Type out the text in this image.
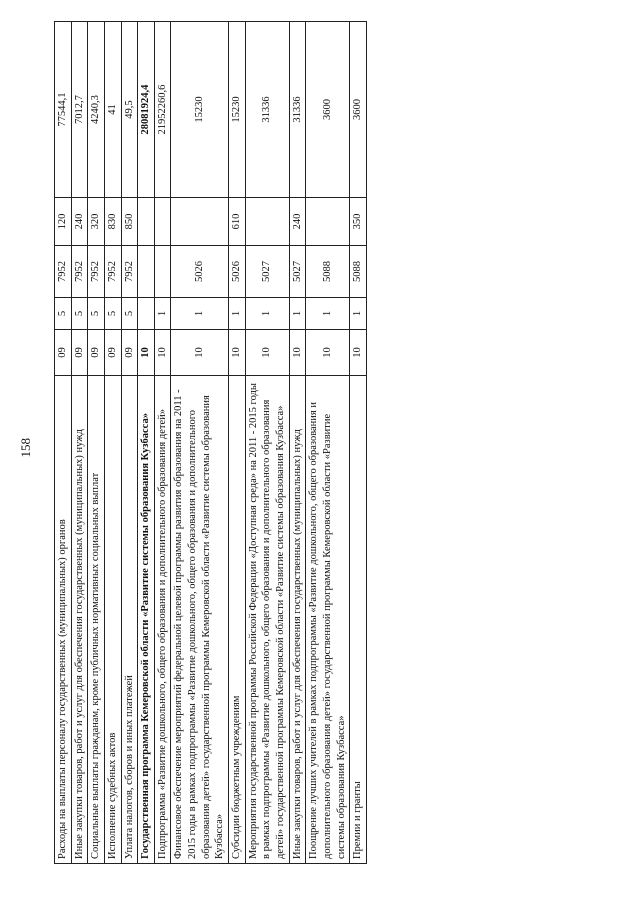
158
Расходы на выплаты персоналу государственных (муниципальных) органов	09	5	7952	120	77544,1
Иные закупки товаров, работ и услуг для обеспечения государственных (муниципальных) нужд	09	5	7952	240	7012,7
Социальные выплаты гражданам, кроме публичных нормативных социальных выплат	09	5	7952	320	4240,3
Исполнение судебных актов	09	5	7952	830	41
Уплата налогов, сборов и иных платежей	09	5	7952	850	49,5
Государственная программа Кемеровской области «Развитие системы образования Кузбасса»	10				28081924,4
Подпрограмма «Развитие дошкольного, общего образования и дополнительного образования детей»	10	1			21952260,6
Финансовое обеспечение мероприятий федеральной целевой программы развития образования на 2011 - 2015 годы в рамках подпрограммы «Развитие дошкольного, общего образования и дополнительного образования детей» государственной программы Кемеровской области «Развитие системы образования Кузбасса»	10	1	5026		15230
Субсидии бюджетным учреждениям	10	1	5026	610	15230
Мероприятия государственной программы Российской Федерации «Доступная среда» на 2011 - 2015 годы в рамках подпрограммы «Развитие дошкольного, общего образования и дополнительного образования детей» государственной программы Кемеровской области «Развитие системы образования Кузбасса»	10	1	5027		31336
Иные закупки товаров, работ и услуг для обеспечения государственных (муниципальных) нужд	10	1	5027	240	31336
Поощрение лучших учителей в рамках подпрограммы «Развитие дошкольного, общего образования и дополнительного образования детей» государственной программы Кемеровской области «Развитие системы образования Кузбасса»	10	1	5088		3600
Премии и гранты	10	1	5088	350	3600
